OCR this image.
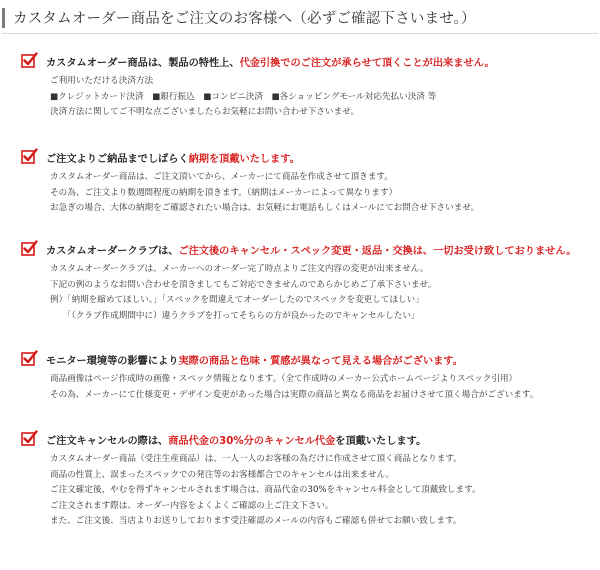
カスタムオーダー商品をご注文のお客様へ（必ずご確認下さいませ。）
カスタムオーダー商品は、製品の特性上、代金引換でのご注文が承らせて頂くことが出来ません。
ご利用いただける決済方法
■クレジットカード決済　■銀行振込　■コンビニ決済　■各ショッピングモール対応先払い決済 等
決済方法に関してご不明な点ございましたらお気軽にお問い合わせ下さいませ。
ご注文よりご納品までしばらく納期を頂戴いたします。
カスタムオーダー商品は、ご注文頂いてから、メーカーにて商品を作成させて頂きます。
その為、ご注文より数週間程度の納期を頂きます。（納期はメーカーによって異なります）
お急ぎの場合、大体の納期をご確認されたい場合は、お気軽にお電話もしくはメールにてお問合せ下さいませ。
カスタムオーダークラブは、ご注文後のキャンセル・スペック変更・返品・交換は、一切お受け致しておりません。
カスタムオーダークラブは、メーカーへのオーダー完了時点よりご注文内容の変更が出来ません。
下記の例のようなお問い合わせを頂きましてもご対応できませんのであらかじめご了承下さいませ。
例）「納期を縮めてほしい。」「スペックを間違えてオーダーしたのでスペックを変更してほしい」
　　「（クラブ作成期間中に）違うクラブを打ってそちらの方が良かったのでキャンセルしたい」
モニター環境等の影響により実際の商品と色味・質感が異なって見える場合がございます。
商品画像はページ作成時の画像・スペック情報となります。（全て作成時のメーカー公式ホームページよりスペック引用）
その為、メーカーにて仕様変更・デザイン変更があった場合は実際の商品と異なる商品をお届けさせて頂く場合がございます。
ご注文キャンセルの際は、商品代金の30%分のキャンセル代金を頂戴いたします。
カスタムオーダー商品（受注生産商品）は、一人一人のお客様の為だけに作成させて頂く商品となります。
商品の性質上、誤まったスペックでの発注等のお客様都合でのキャンセルは出来ません。
ご注文確定後、やむを得ずキャンセルされます場合は、商品代金の30%をキャンセル料金として頂戴致します。
ご注文されます際は、オーダー内容をよくよくご確認の上ご注文下さい。
また、ご注文後、当店よりお送りしております受注確認のメールの内容もご確認も併せてお願い致します。
